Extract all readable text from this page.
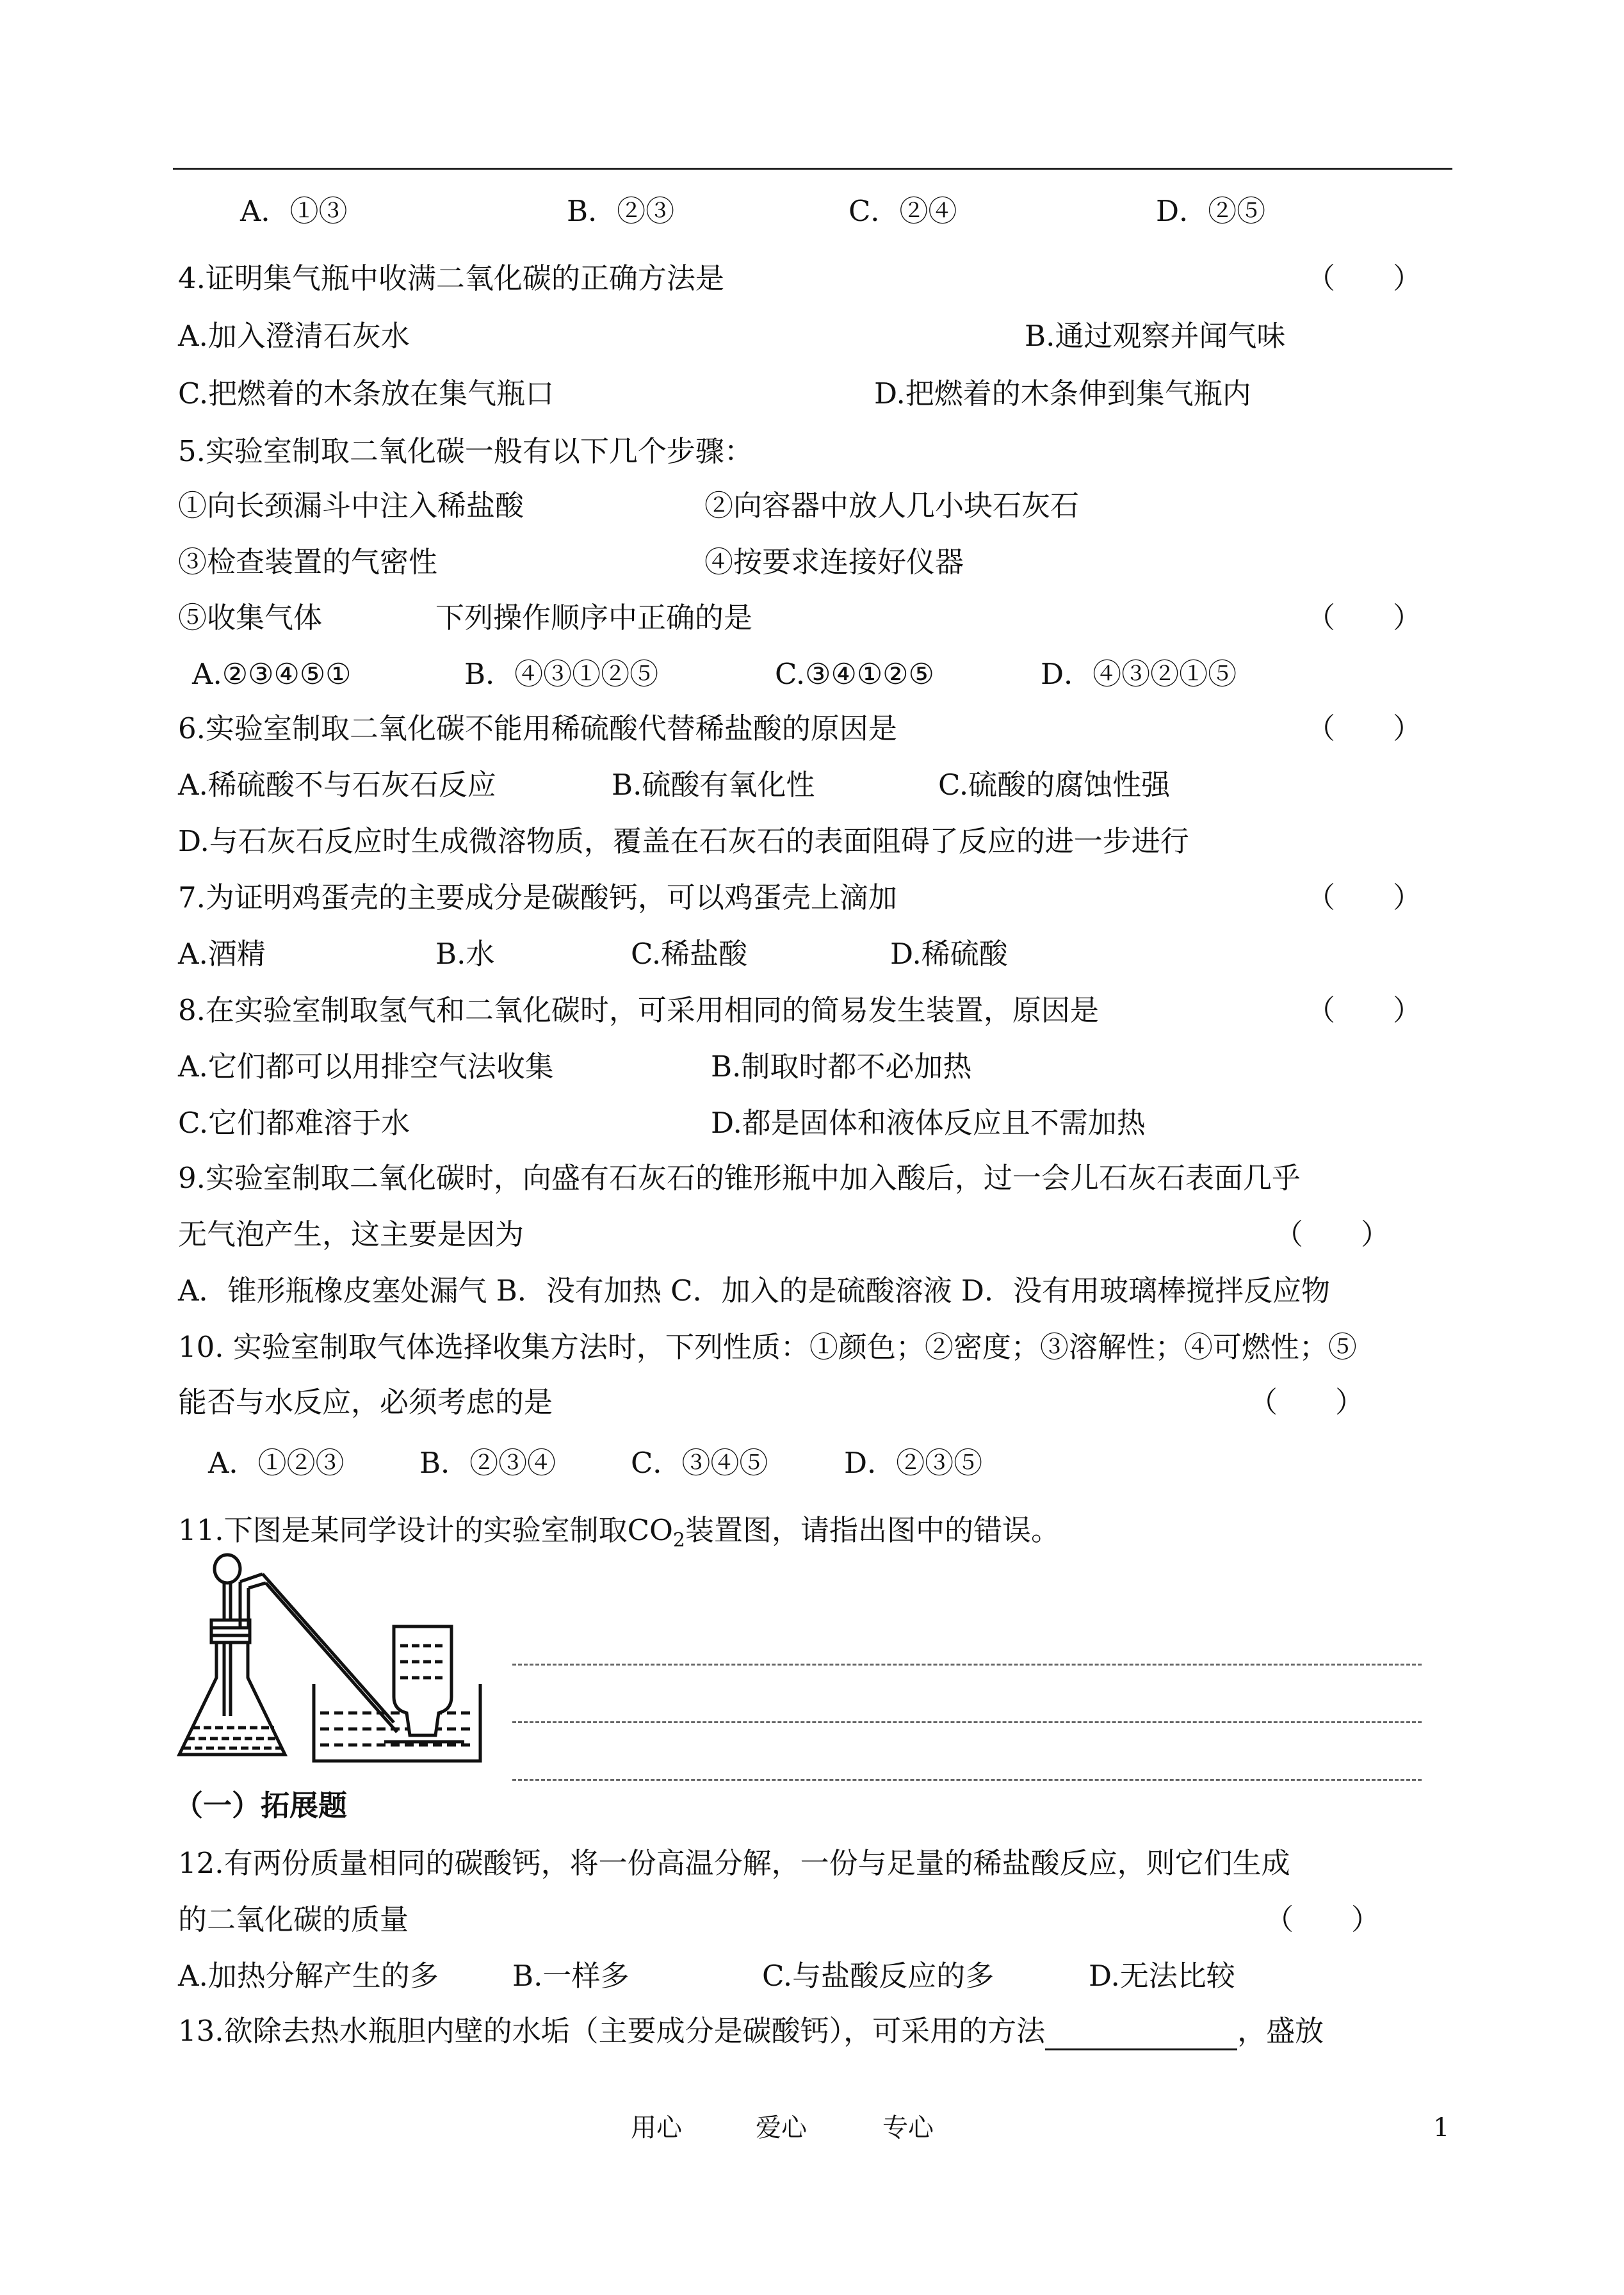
A．①③	B．②③	C．②④	D．②⑤
4.证明集气瓶中收满二氧化碳的正确方法是	（　　）
A.加入澄清石灰水	B.通过观察并闻气味
C.把燃着的木条放在集气瓶口	D.把燃着的木条伸到集气瓶内
5.实验室制取二氧化碳一般有以下几个步骤：
①向长颈漏斗中注入稀盐酸	②向容器中放人几小块石灰石
③检查装置的气密性	④按要求连接好仪器
⑤收集气体	下列操作顺序中正确的是	（　　）
A.②③④⑤①	B．④③①②⑤	C.③④①②⑤	D．④③②①⑤
6.实验室制取二氧化碳不能用稀硫酸代替稀盐酸的原因是	（　　）
A.稀硫酸不与石灰石反应	B.硫酸有氧化性	C.硫酸的腐蚀性强
D.与石灰石反应时生成微溶物质，覆盖在石灰石的表面阻碍了反应的进一步进行
7.为证明鸡蛋壳的主要成分是碳酸钙，可以鸡蛋壳上滴加	（　　）
A.酒精	B.水	C.稀盐酸	D.稀硫酸
8.在实验室制取氢气和二氧化碳时，可采用相同的简易发生装置，原因是	（　　）
A.它们都可以用排空气法收集	B.制取时都不必加热
C.它们都难溶于水	D.都是固体和液体反应且不需加热
9.实验室制取二氧化碳时，向盛有石灰石的锥形瓶中加入酸后，过一会儿石灰石表面几乎
无气泡产生，这主要是因为	（　　）
A．锥形瓶橡皮塞处漏气 B．没有加热 C．加入的是硫酸溶液 D．没有用玻璃棒搅拌反应物
10. 实验室制取气体选择收集方法时，下列性质：①颜色；②密度；③溶解性；④可燃性；⑤
能否与水反应，必须考虑的是	（　　）
A．①②③	B．②③④	C．③④⑤	D．②③⑤
11.下图是某同学设计的实验室制取$CO_2$装置图，请指出图中的错误。
（一）拓展题
12.有两份质量相同的碳酸钙，将一份高温分解，一份与足量的稀盐酸反应，则它们生成
的二氧化碳的质量	（　　）
A.加热分解产生的多	B.一样多	C.与盐酸反应的多	D.无法比较
13.欲除去热水瓶胆内壁的水垢（主要成分是碳酸钙），可采用的方法	，盛放
用心	爱心	专心	1
